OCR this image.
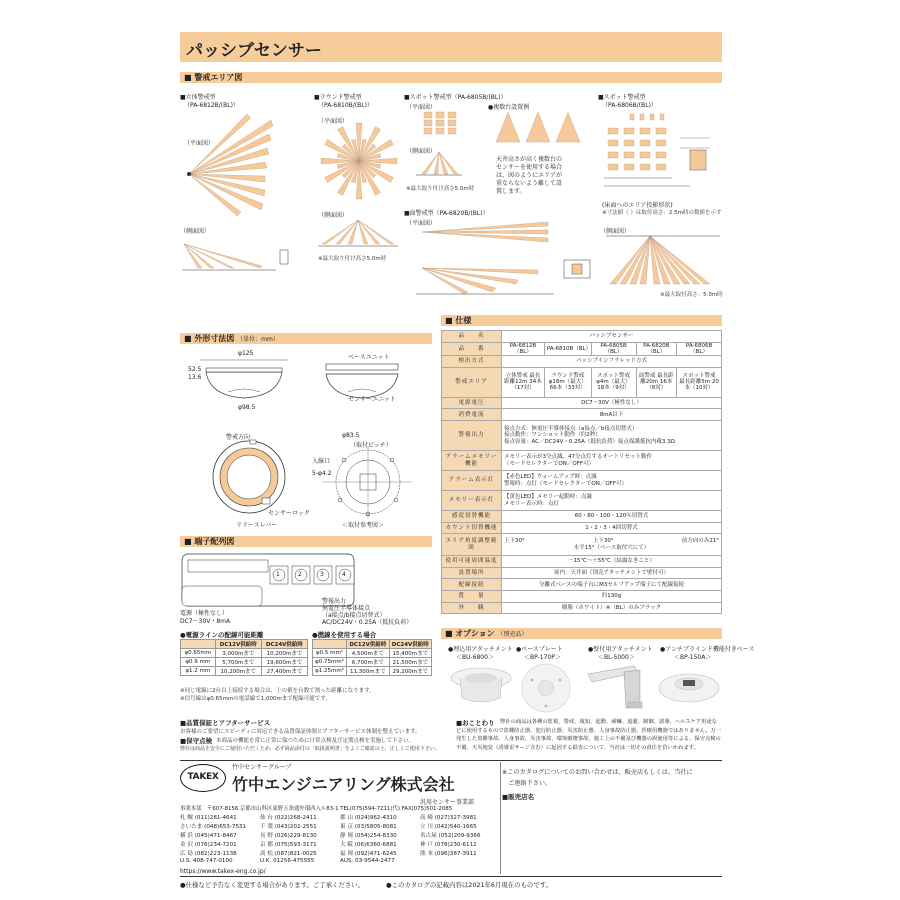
パッシブセンサー
■ 警戒エリア図
■立体警戒型
（PA-6812B/(BL)）
（平面図）
（側面図）
■ラウンド警戒型
（PA-6810B/(BL)）
（平面図）
（側面図）
※最大取り付け高さ5.0m時
■スポット警戒型（PA-6805B/(BL)）
（平面図）
（側面図）
※最大取り付け高さ5.0m時
●複数台設置例
天井高さが高く複数台の
センサーを使用する場合
は、図のようにエリアが
重ならないよう離して設
置します。
■面警戒型（PA-6820B/(BL)）
（平面図）
■スポット警戒型
（PA-6806B/(BL)）
(床面へのエリア投影形状)
※寸法値（ ）は取付高さ：2.5m時の数値を示す
（側面図）
※最大取付高さ：5.0m時
■ 外形寸法図 （単位：mm）
φ125
52.5
13.6
φ98.5
ベースユニット
センサーユニット
警戒方向
センサーロック
リリースレバー
φ83.5
（取付ピッチ）
入線口
5-φ4.2
＜取付参考図＞
■ 端子配列図
1	2	3	4
電源（極性なし）
DC7～30V・8mA
警報出力
無電圧半導体接点
（a接点/b接点切替式）
AC/DC24V・0.25A（抵抗負荷）
●電源ラインの配線可能距離
	DC12V供給時	DC24V供給時
φ0.65mm	3,000mまで	10,200mまで
φ0.9 mm	5,700mまで	19,600mまで
φ1.2 mm	10,200mまで	27,400mまで
●撚線を使用する場合
	DC12V供給時	DC24V供給時
φ0.5 mm²	4,500mまで	15,400mまで
φ0.75mm²	6,700mまで	21,500mまで
φ1.25mm²	11,300mまで	29,200mまで
※同じ電線に2台以上接続する場合は、上の値を台数で割った距離になります。
※信号線はφ0.65mmの電話線で1,000mまで配線可能です。
■ 仕様
品　　名	パッシブセンサー				
品　　番	PA-6812B（BL）	PA-6810B（BL）	PA-6805B（BL）	PA-6820B（BL）	PA-6806B（BL）
検出方式	パッシブインフラレッド方式				
警戒エリア	立体警戒 最長距離12m 34本（17対）	ラウンド警戒 φ18m（最大） 66本（33対）	スポット警戒 φ4m（最大） 18本（9対）	面警戒 最長距離20m 16本（8対）	スポット警戒 最長距離5m 20本（10対）
電源電圧	DC7～30V（極性なし）				
消費電流	8mA以下				
警報出力	接点方式：無電圧半導体接点（a接点／b接点切替式）
接点動作：ワンショット動作（約2秒）
接点容量：AC／DC24V・0.25A（抵抗負荷）接点保護抵抗内蔵3.3Ω				

アラームメモリー機能	メモリー表示が3分点滅、47分点灯するオートリセット動作
（モードセレクターでON／OFF可）				

アラーム表示灯	【赤色LED】ウォームアップ時：点滅
警報時：点灯（モードセレクターでON／OFF可）				

メモリー表示灯	【黄色LED】メモリー起動時：点滅
メモリー表示時：点灯				

感度切替機能	60・80・100・120％切替式				
カウント切替機能	1・2・3・4回切替式				
エリア角度調整範囲	上下30° 上下30° 前方向のみ21°
水平15°（ベース取付穴にて）				

使用可能周囲温度	－15℃～＋55℃（結露なきこと）				
設置場所	屋内：天井面（別売アタッチメントで壁付可）				
配線接続	分離式ベースの端子台にM3セルフアップ端子にて配線接続				
質　　量	約130g				
外　　観	樹脂（ホワイト）※（BL）のみブラック				
■ オプション （別売品）
●埋込用アタッチメント
＜BU-6800＞
●ベースプレート
＜BP-170P＞
●壁付用アタッチメント
＜BL-5000＞
●アンチブラインド機能付きベース
＜BP-150A＞
■品質保証とアフターサービス
お客様のご要望にスピーディに対応できる品質保証体制とアフターサービス体制を整えています。
■保守点検 本商品の機能を常に正常に保つために日常点検及び定期点検を実施して下さい。
弊社は商品を安全にご使用いただくため、必ず商品添付の「取扱説明書」をよくご確認の上、正しくご使用下さい。
■おことわり	弊社の商品は各種の監視、警戒、報知、起動、威嚇、退避、制御、誘導、ヘルスケア用途などに使用するもので盗難防止器、犯行防止器、災害防止器、人身事故防止器、医療用機器ではありません。万一発生した盗難事故、人身事故、災害事故、環境破壊事故、施工上の不備及び機器の誤使用等による、保守点検の不備、天災地変（誘導雷サージ含む）に起因する損害について、当社は一切その責任を負いかねます。
竹中センサーグループ
TAKEX 竹中エンジニアリング株式会社
汎用センサー事業部
事業本部　〒607-8156 京都市山科区東野五条通外環西入ル83-1 TEL(075)594-7211(代) FAX(075)501-2085
札 幌 (011)281-4641	仙 台 (022)268-2411	郡 山 (024)962-4310	高 崎 (027)327-3981
さいたま (048)653-7531	千 葉 (043)202-2551	東 京 (03)5805-8081	立 川 (042)540-1665
横 浜 (045)471-8467	長 野 (026)229-8130	静 岡 (054)254-8330	名古屋 (052)209-9366
金 沢 (076)234-7201	京 都 (075)593-3171	大 阪 (06)6360-6881	神 戸 (078)230-6112
広 島 (082)223-1138	高 松 (087)821-0025	福 岡 (092)471-6245	熊 本 (096)387-3911
U.S. 408-747-0100	U.K. 01256-475555	AUS. 03-9544-2477
https://www.takex-eng.co.jp/
※このカタログについてのお問い合わせは、販売店もしくは、当社に
ご連絡下さい。
■販売店名
●仕様など予告なく変更する場合があります。ご了承ください。	●このカタログの記載内容は2021年6月現在のものです。
